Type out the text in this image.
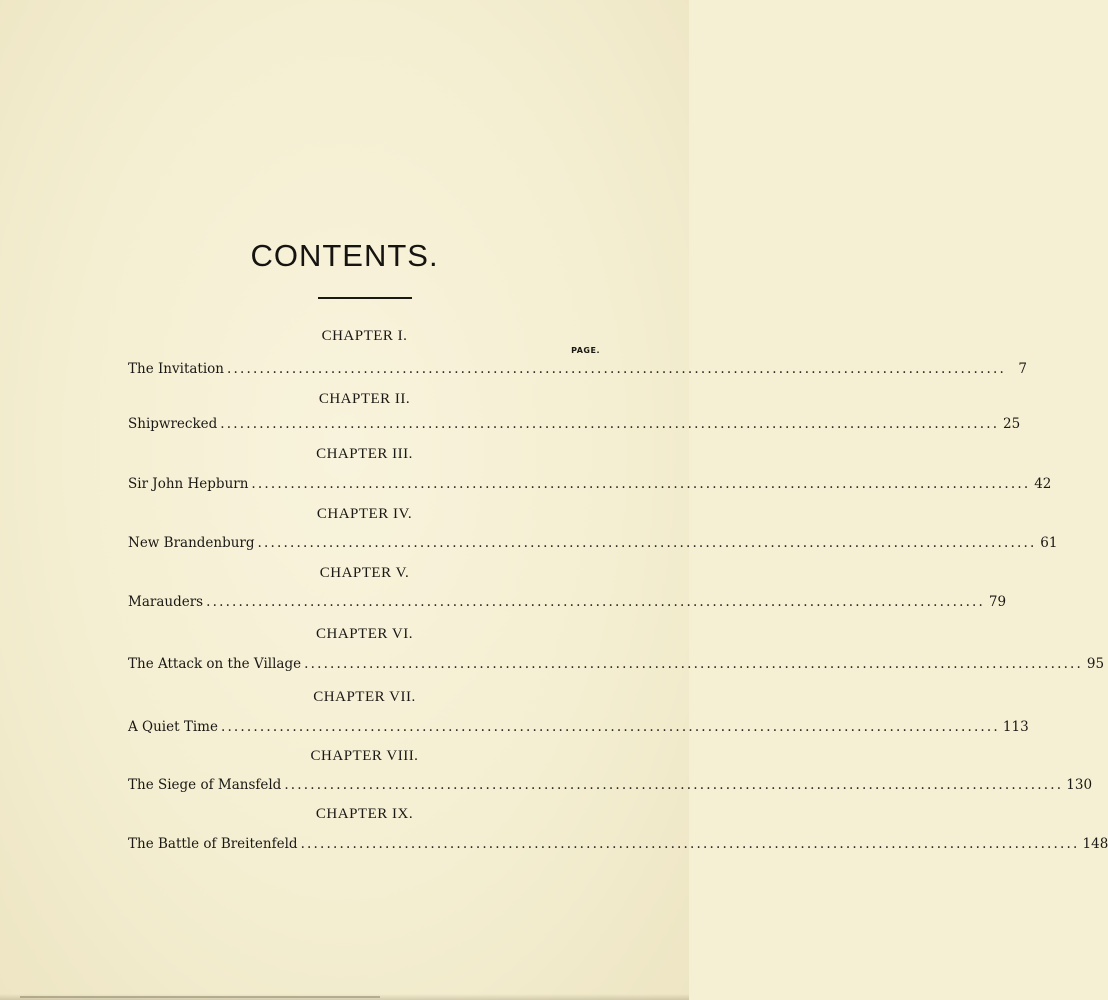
CONTENTS.
CHAPTER I.
PAGE.
The Invitation ........................................................................................................................ 7
CHAPTER II.
Shipwrecked ........................................................................................................................ 25
CHAPTER III.
Sir John Hepburn ........................................................................................................................ 42
CHAPTER IV.
New Brandenburg ........................................................................................................................ 61
CHAPTER V.
Marauders ........................................................................................................................ 79
CHAPTER VI.
The Attack on the Village ........................................................................................................................ 95
CHAPTER VII.
A Quiet Time ........................................................................................................................ 113
CHAPTER VIII.
The Siege of Mansfeld ........................................................................................................................ 130
CHAPTER IX.
The Battle of Breitenfeld ........................................................................................................................ 148
